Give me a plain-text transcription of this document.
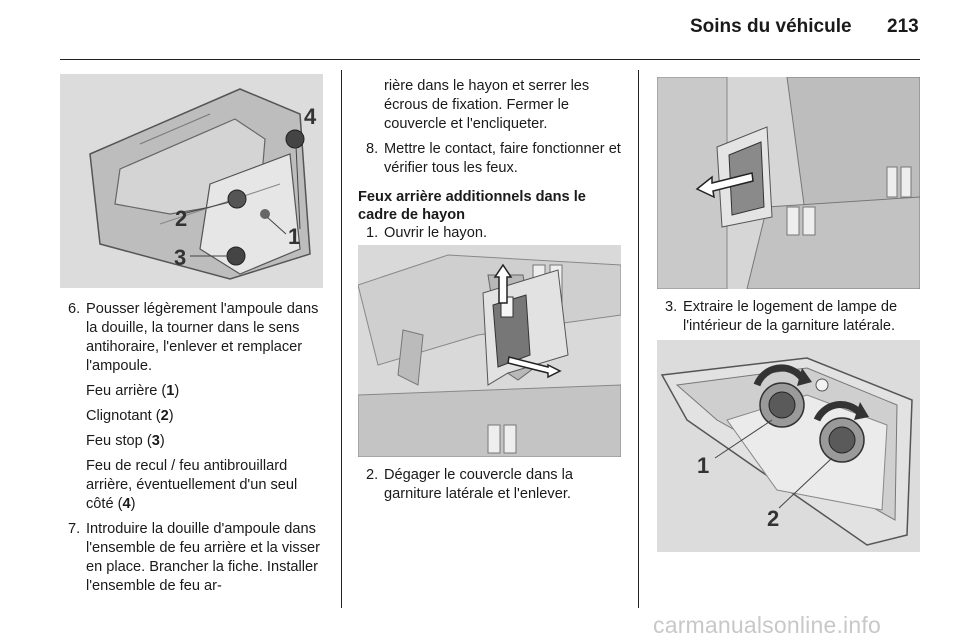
Soins du véhicule 213
4
2
1
3
6. Pousser légèrement l'ampoule dans la douille, la tourner dans le sens antihoraire, l'enlever et remplacer l'ampoule.
Feu arrière (1)
Clignotant (2)
Feu stop (3)
Feu de recul / feu antibrouillard arrière, éventuellement d'un seul côté (4)
7. Introduire la douille d'ampoule dans l'ensemble de feu arrière et la visser en place. Brancher la fiche. Installer l'ensemble de feu ar-
rière dans le hayon et serrer les écrous de fixation. Fermer le couvercle et l'encliqueter.
8. Mettre le contact, faire fonctionner et vérifier tous les feux.
Feux arrière additionnels dans le cadre de hayon
1. Ouvrir le hayon.
2. Dégager le couvercle dans la garniture latérale et l'enlever.
3. Extraire le logement de lampe de l'intérieur de la garniture latérale.
1
2
carmanualsonline.info
